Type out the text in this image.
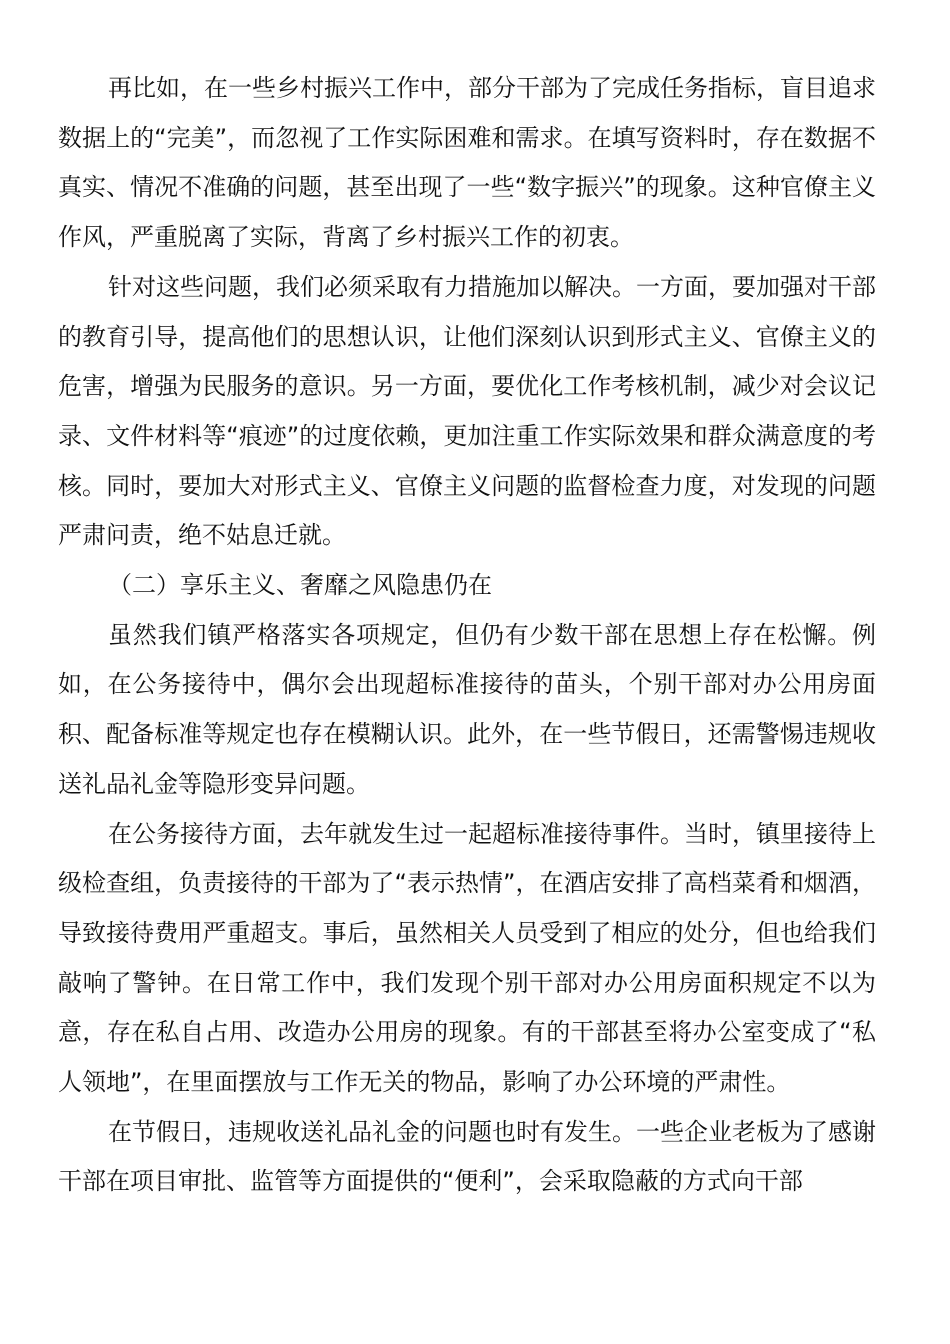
再比如，在一些乡村振兴工作中，部分干部为了完成任务指标，盲目追求数据上的“完美”，而忽视了工作实际困难和需求。在填写资料时，存在数据不真实、情况不准确的问题，甚至出现了一些“数字振兴”的现象。这种官僚主义作风，严重脱离了实际，背离了乡村振兴工作的初衷。

针对这些问题，我们必须采取有力措施加以解决。一方面，要加强对干部的教育引导，提高他们的思想认识，让他们深刻认识到形式主义、官僚主义的危害，增强为民服务的意识。另一方面，要优化工作考核机制，减少对会议记录、文件材料等“痕迹”的过度依赖，更加注重工作实际效果和群众满意度的考核。同时，要加大对形式主义、官僚主义问题的监督检查力度，对发现的问题严肃问责，绝不姑息迁就。

（二）享乐主义、奢靡之风隐患仍在

虽然我们镇严格落实各项规定，但仍有少数干部在思想上存在松懈。例如，在公务接待中，偶尔会出现超标准接待的苗头，个别干部对办公用房面积、配备标准等规定也存在模糊认识。此外，在一些节假日，还需警惕违规收送礼品礼金等隐形变异问题。

在公务接待方面，去年就发生过一起超标准接待事件。当时，镇里接待上级检查组，负责接待的干部为了“表示热情”，在酒店安排了高档菜肴和烟酒，导致接待费用严重超支。事后，虽然相关人员受到了相应的处分，但也给我们敲响了警钟。在日常工作中，我们发现个别干部对办公用房面积规定不以为意，存在私自占用、改造办公用房的现象。有的干部甚至将办公室变成了“私人领地”，在里面摆放与工作无关的物品，影响了办公环境的严肃性。

在节假日，违规收送礼品礼金的问题也时有发生。一些企业老板为了感谢干部在项目审批、监管等方面提供的“便利”，会采取隐蔽的方式向干部
